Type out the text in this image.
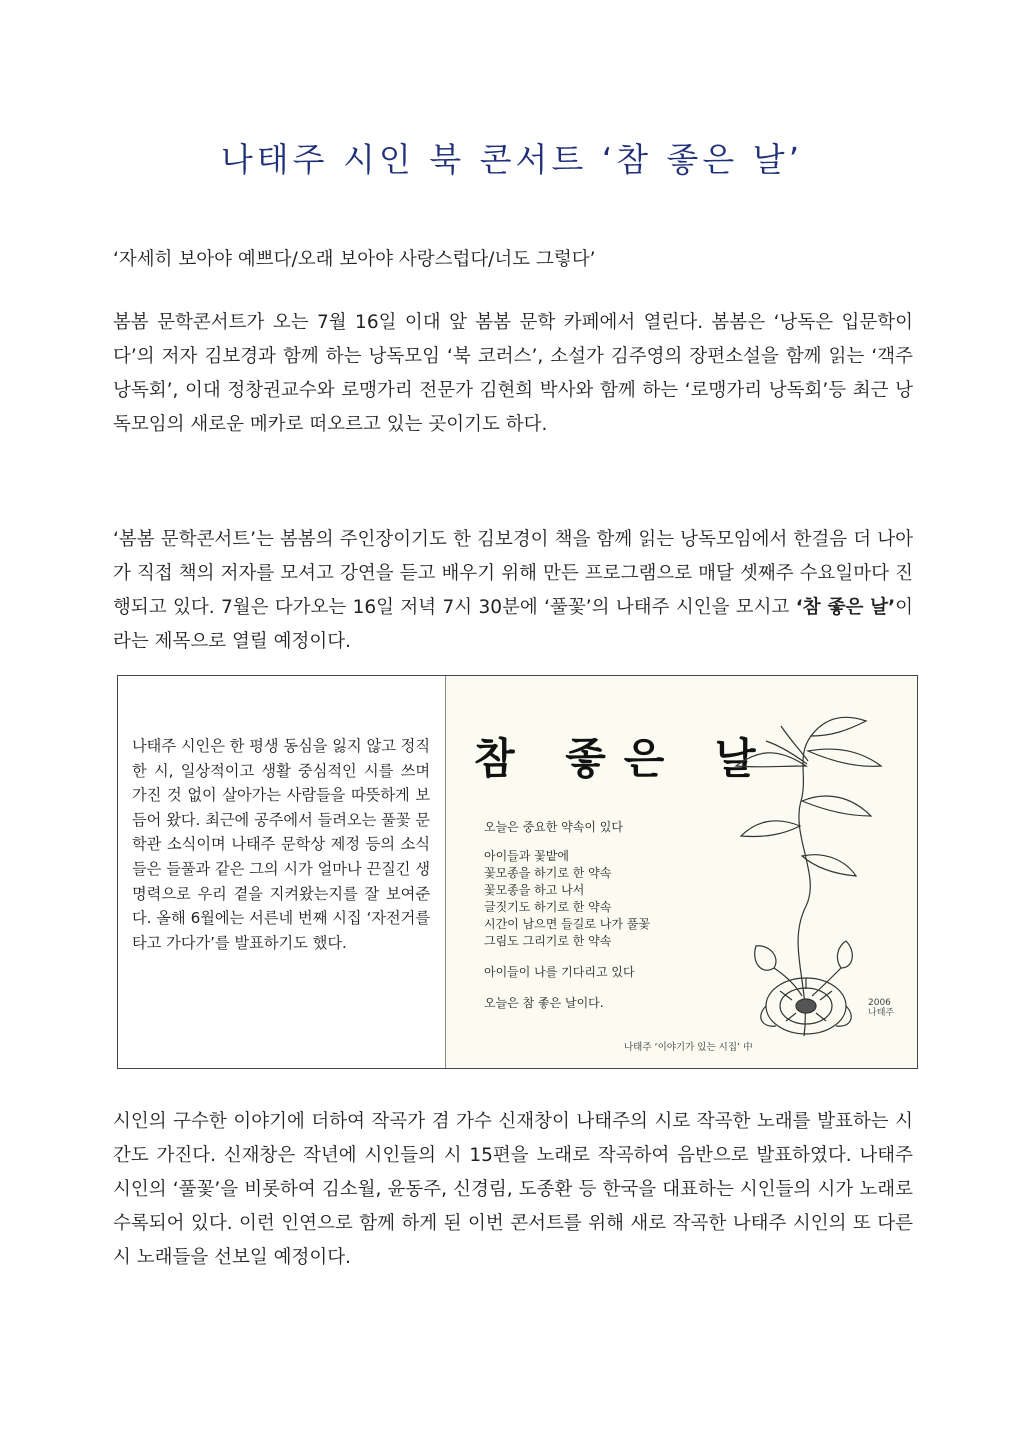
나태주 시인 북 콘서트 ‘참 좋은 날’

‘자세히 보아야 예쁘다/오래 보아야 사랑스럽다/너도 그렇다’

봄봄 문학콘서트가 오는 7월 16일 이대 앞 봄봄 문학 카페에서 열린다. 봄봄은 ‘낭독은 입문학이다’의 저자 김보경과 함께 하는 낭독모임 ‘북 코러스’, 소설가 김주영의 장편소설을 함께 읽는 ‘객주 낭독회’, 이대 정창권교수와 로맹가리 전문가 김현희 박사와 함께 하는 ‘로맹가리 낭독회’등 최근 낭독모임의 새로운 메카로 떠오르고 있는 곳이기도 하다.

‘봄봄 문학콘서트’는 봄봄의 주인장이기도 한 김보경이 책을 함께 읽는 낭독모임에서 한걸음 더 나아가 직접 책의 저자를 모셔고 강연을 듣고 배우기 위해 만든 프로그램으로 매달 셋째주 수요일마다 진행되고 있다. 7월은 다가오는 16일 저녁 7시 30분에 ‘풀꽃’의 나태주 시인을 모시고 ‘참 좋은 날’이라는 제목으로 열릴 예정이다.

나태주 시인은 한 평생 동심을 잃지 않고 정직한 시, 일상적이고 생활 중심적인 시를 쓰며 가진 것 없이 살아가는 사람들을 따뜻하게 보듬어 왔다. 최근에 공주에서 들려오는 풀꽃 문학관 소식이며 나태주 문학상 제정 등의 소식들은 들풀과 같은 그의 시가 얼마나 끈질긴 생명력으로 우리 곁을 지켜왔는지를 잘 보여준다. 올해 6월에는 서른네 번째 시집 ‘자전거를 타고 가다가’를 발표하기도 했다.

참 좋은 날
오늘은 중요한 약속이 있다
아이들과 꽃밭에
꽃모종을 하기로 한 약속
꽃모종을 하고 나서
글짓기도 하기로 한 약속
시간이 남으면 들길로 나가 풀꽃
그림도 그리기로 한 약속
아이들이 나를 기다리고 있다
오늘은 참 좋은 날이다.
나태주 ‘이야기가 있는 시집’ 中
2006
나태주

시인의 구수한 이야기에 더하여 작곡가 겸 가수 신재창이 나태주의 시로 작곡한 노래를 발표하는 시간도 가진다. 신재창은 작년에 시인들의 시 15편을 노래로 작곡하여 음반으로 발표하였다. 나태주 시인의 ‘풀꽃’을 비롯하여 김소월, 윤동주, 신경림, 도종환 등 한국을 대표하는 시인들의 시가 노래로 수록되어 있다. 이런 인연으로 함께 하게 된 이번 콘서트를 위해 새로 작곡한 나태주 시인의 또 다른 시 노래들을 선보일 예정이다.
